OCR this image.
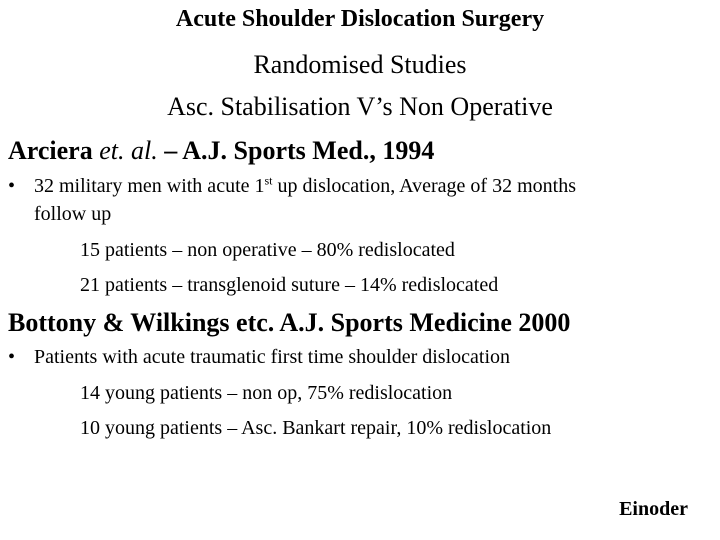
Acute Shoulder Dislocation Surgery
Randomised Studies
Asc. Stabilisation V’s Non Operative
Arciera et. al. – A.J. Sports Med., 1994
• 32 military men with acute 1st up dislocation, Average of 32 months
follow up
15 patients – non operative – 80% redislocated
21 patients – transglenoid suture – 14% redislocated
Bottony & Wilkings etc. A.J. Sports Medicine 2000
• Patients with acute traumatic first time shoulder dislocation
14 young patients – non op, 75% redislocation
10 young patients – Asc. Bankart repair, 10% redislocation
Einoder
